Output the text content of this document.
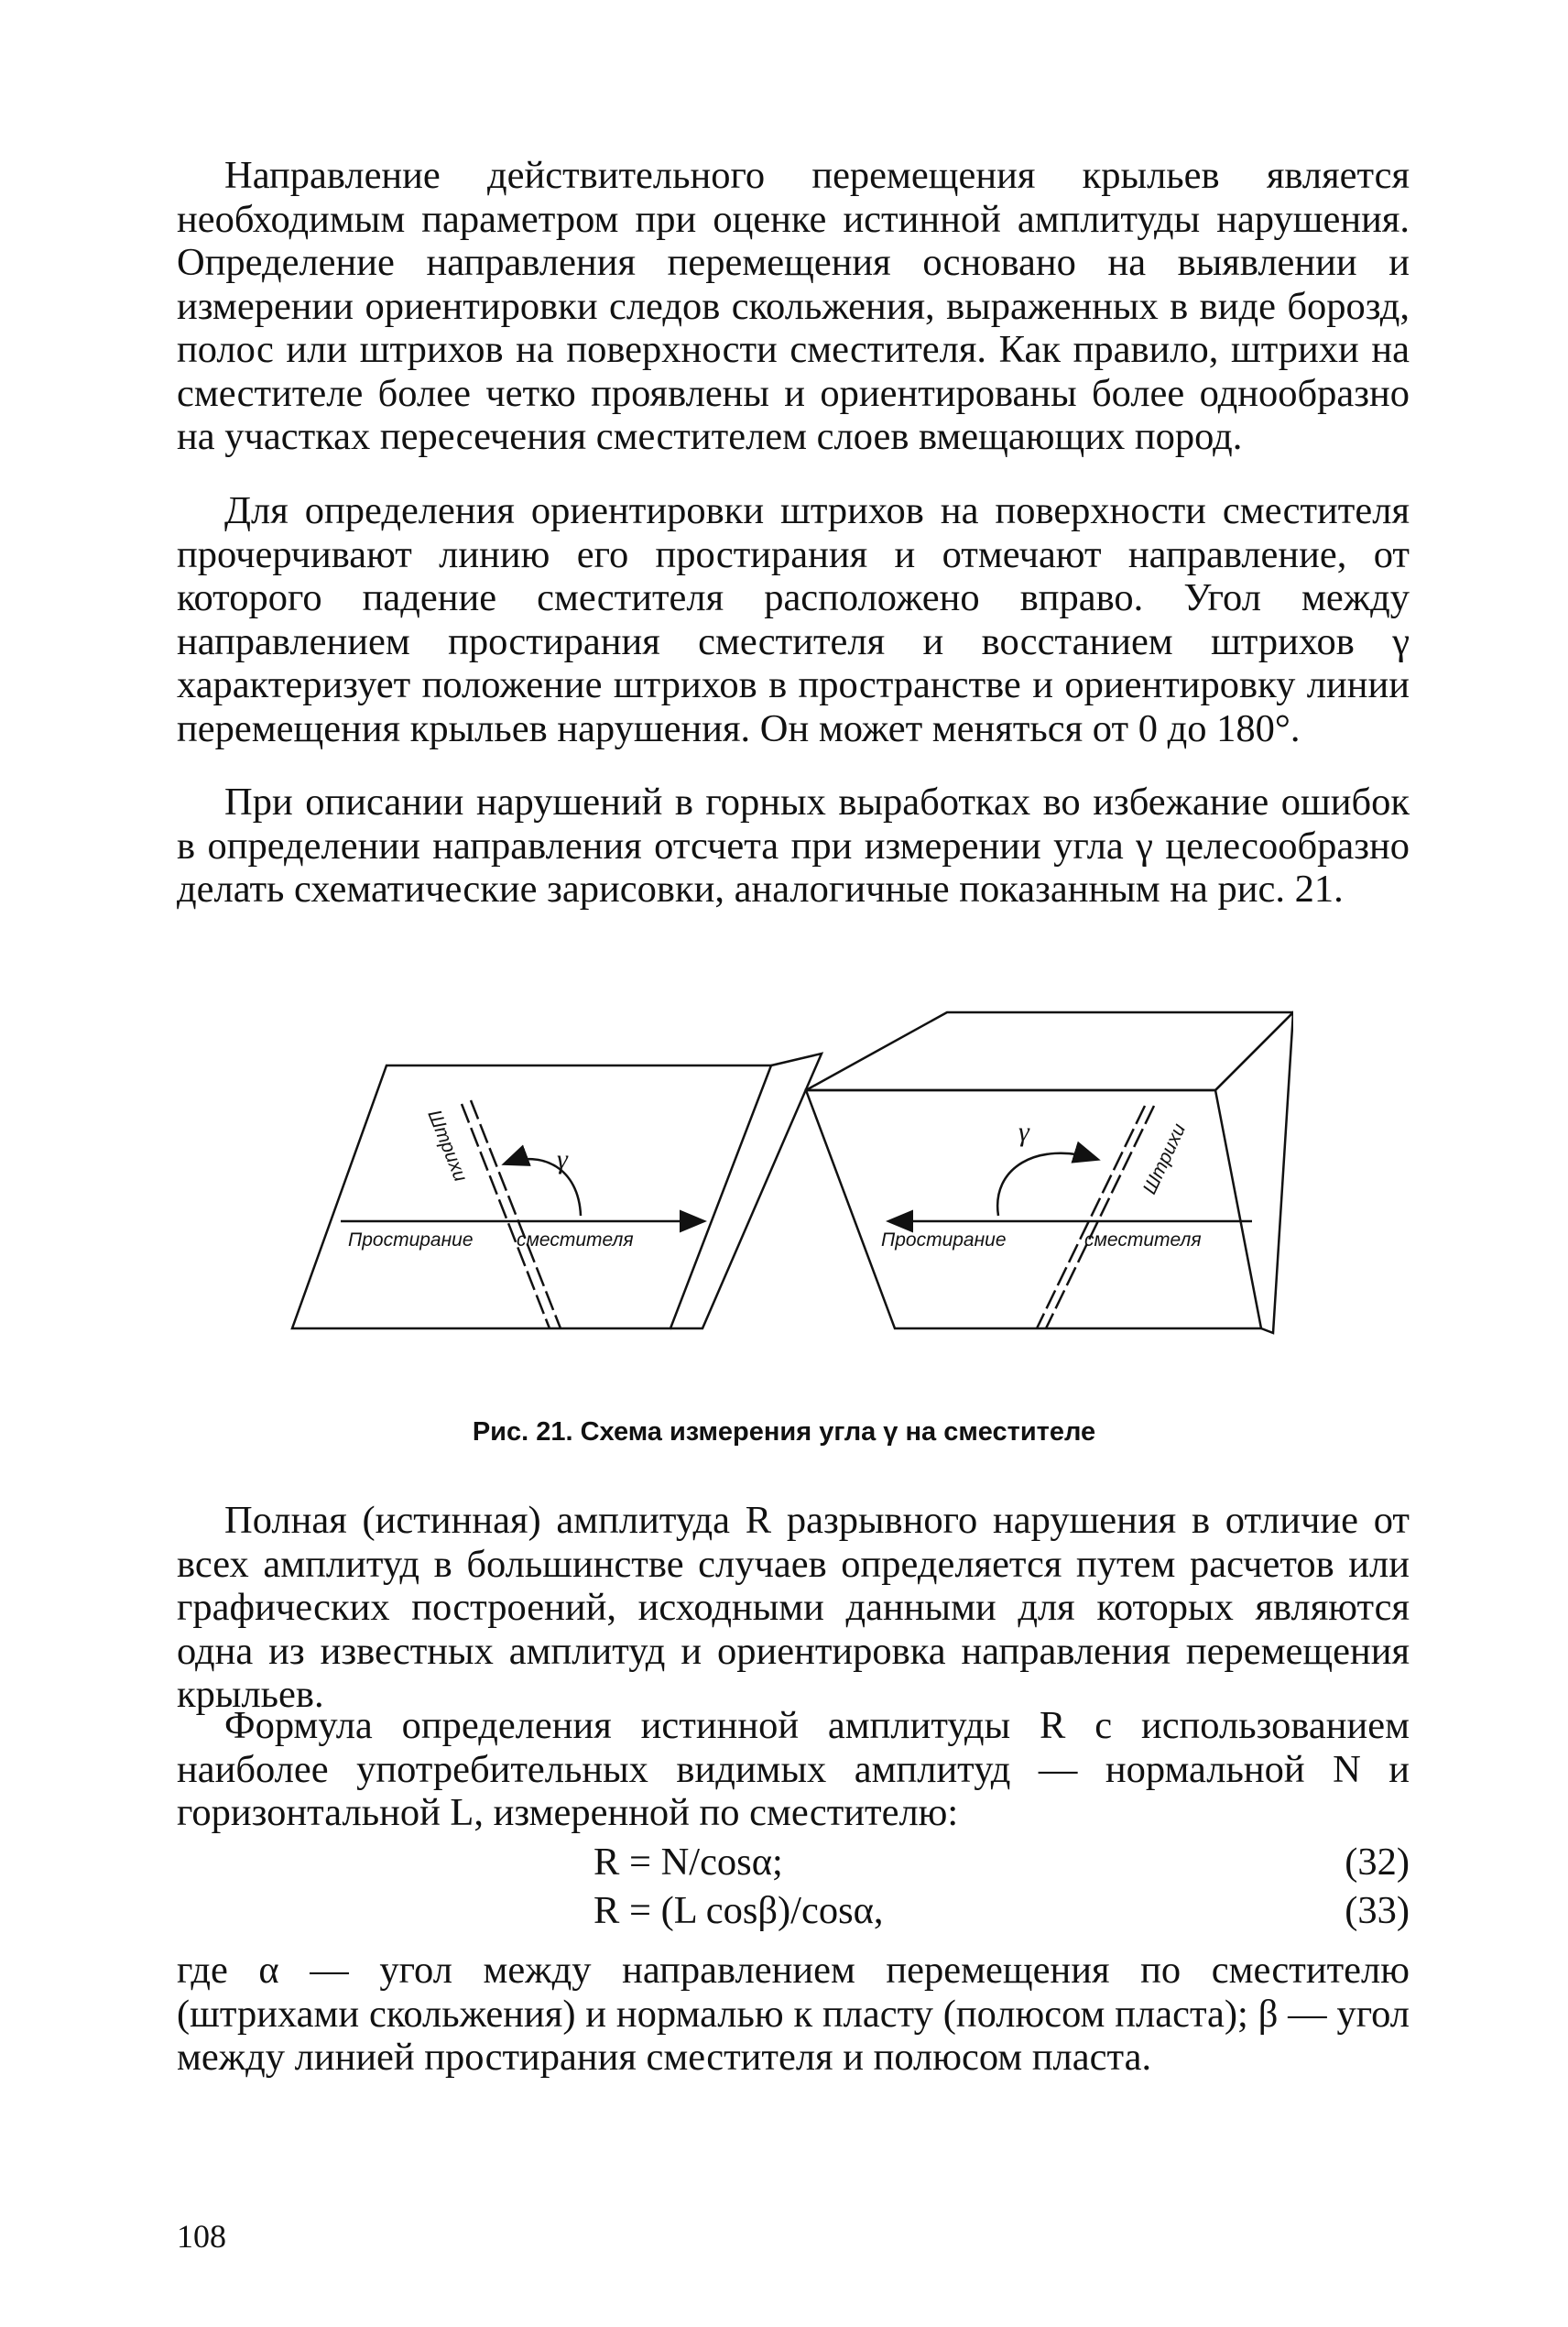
Направление действительного перемещения крыльев является необходимым параметром при оценке истинной амплитуды нарушения. Определение направления перемещения основано на выявлении и измерении ориентировки следов скольжения, выраженных в виде борозд, полос или штрихов на поверхности сместителя. Как правило, штрихи на сместителе более четко проявлены и ориентированы более однообразно на участках пересечения сместителем слоев вмещающих пород.

Для определения ориентировки штрихов на поверхности сместителя прочерчивают линию его простирания и отмечают направление, от которого падение сместителя расположено вправо. Угол между направлением простирания сместителя и восстанием штрихов γ характеризует положение штрихов в пространстве и ориентировку линии перемещения крыльев нарушения. Он может меняться от 0 до 180°.

При описании нарушений в горных выработках во избежание ошибок в определении направления отсчета при измерении угла γ целесообразно делать схематические зарисовки, аналогичные показанным на рис. 21.

γ
Простирание сместителя
Штрихи	γ
Простирание	сместителя
Штрихи
Рис. 21. Схема измерения угла γ на сместителе

Полная (истинная) амплитуда R разрывного нарушения в отличие от всех амплитуд в большинстве случаев определяется путем расчетов или графических построений, исходными данными для которых являются одна из известных амплитуд и ориентировка направления перемещения крыльев.

Формула определения истинной амплитуды R с использованием наиболее употребительных видимых амплитуд — нормальной N и горизонтальной L, измеренной по сместителю:

R = N/cosα;	(32)
R = (L cosβ)/cosα,	(33)

где α — угол между направлением перемещения по сместителю (штрихами скольжения) и нормалью к пласту (полюсом пласта); β — угол между линией простирания сместителя и полюсом пласта.

108
